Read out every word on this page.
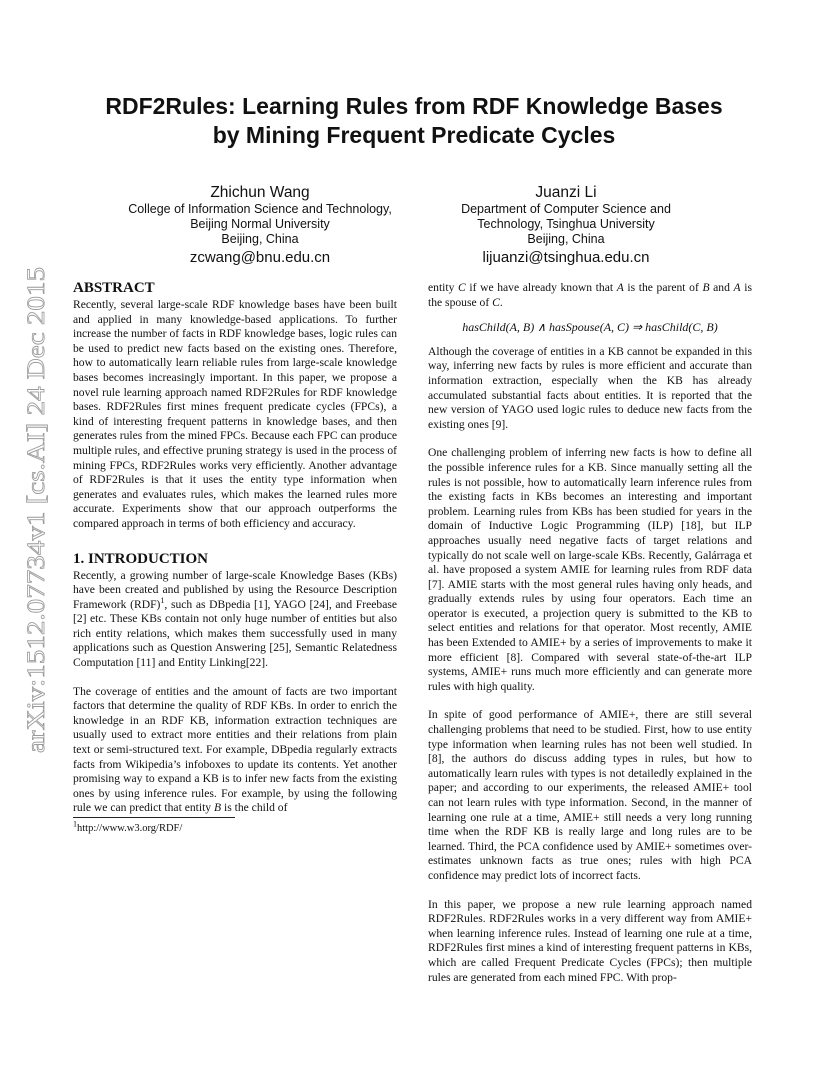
arXiv:1512.07734v1 [cs.AI] 24 Dec 2015
RDF2Rules: Learning Rules from RDF Knowledge Bases
by Mining Frequent Predicate Cycles
Zhichun Wang
College of Information Science and Technology,
Beijing Normal University
Beijing, China
zcwang@bnu.edu.cn
Juanzi Li
Department of Computer Science and
Technology, Tsinghua University
Beijing, China
lijuanzi@tsinghua.edu.cn
ABSTRACT

Recently, several large-scale RDF knowledge bases have been built and applied in many knowledge-based applications. To further increase the number of facts in RDF knowledge bases, logic rules can be used to predict new facts based on the existing ones. Therefore, how to automatically learn reliable rules from large-scale knowledge bases becomes increasingly important. In this paper, we propose a novel rule learning approach named RDF2Rules for RDF knowledge bases. RDF2Rules first mines frequent predicate cycles (FPCs), a kind of interesting frequent patterns in knowledge bases, and then generates rules from the mined FPCs. Because each FPC can produce multiple rules, and effective pruning strategy is used in the process of mining FPCs, RDF2Rules works very efficiently. Another advantage of RDF2Rules is that it uses the entity type information when generates and evaluates rules, which makes the learned rules more accurate. Experiments show that our approach outperforms the compared approach in terms of both efficiency and accuracy.

1. INTRODUCTION

Recently, a growing number of large-scale Knowledge Bases (KBs) have been created and published by using the Resource Description Framework (RDF)$^1$, such as DBpedia [1], YAGO [24], and Freebase [2] etc. These KBs contain not only huge number of entities but also rich entity relations, which makes them successfully used in many applications such as Question Answering [25], Semantic Relatedness Computation [11] and Entity Linking[22].

The coverage of entities and the amount of facts are two important factors that determine the quality of RDF KBs. In order to enrich the knowledge in an RDF KB, information extraction techniques are usually used to extract more entities and their relations from plain text or semi-structured text. For example, DBpedia regularly extracts facts from Wikipedia’s infoboxes to update its contents. Yet another promising way to expand a KB is to infer new facts from the existing ones by using inference rules. For example, by using the following rule we can predict that entity B is the child of

$^1$http://www.w3.org/RDF/

entity C if we have already known that A is the parent of B and A is the spouse of C.

hasChild(A, B) ∧ hasSpouse(A, C) ⇒ hasChild(C, B)

Although the coverage of entities in a KB cannot be expanded in this way, inferring new facts by rules is more efficient and accurate than information extraction, especially when the KB has already accumulated substantial facts about entities. It is reported that the new version of YAGO used logic rules to deduce new facts from the existing ones [9].

One challenging problem of inferring new facts is how to define all the possible inference rules for a KB. Since manually setting all the rules is not possible, how to automatically learn inference rules from the existing facts in KBs becomes an interesting and important problem. Learning rules from KBs has been studied for years in the domain of Inductive Logic Programming (ILP) [18], but ILP approaches usually need negative facts of target relations and typically do not scale well on large-scale KBs. Recently, Galárraga et al. have proposed a system AMIE for learning rules from RDF data [7]. AMIE starts with the most general rules having only heads, and gradually extends rules by using four operators. Each time an operator is executed, a projection query is submitted to the KB to select entities and relations for that operator. Most recently, AMIE has been Extended to AMIE+ by a series of improvements to make it more efficient [8]. Compared with several state-of-the-art ILP systems, AMIE+ runs much more efficiently and can generate more rules with high quality.

In spite of good performance of AMIE+, there are still several challenging problems that need to be studied. First, how to use entity type information when learning rules has not been well studied. In [8], the authors do discuss adding types in rules, but how to automatically learn rules with types is not detailedly explained in the paper; and according to our experiments, the released AMIE+ tool can not learn rules with type information. Second, in the manner of learning one rule at a time, AMIE+ still needs a very long running time when the RDF KB is really large and long rules are to be learned. Third, the PCA confidence used by AMIE+ sometimes over-estimates unknown facts as true ones; rules with high PCA confidence may predict lots of incorrect facts.

In this paper, we propose a new rule learning approach named RDF2Rules. RDF2Rules works in a very different way from AMIE+ when learning inference rules. Instead of learning one rule at a time, RDF2Rules first mines a kind of interesting frequent patterns in KBs, which are called Frequent Predicate Cycles (FPCs); then multiple rules are generated from each mined FPC. With prop-
